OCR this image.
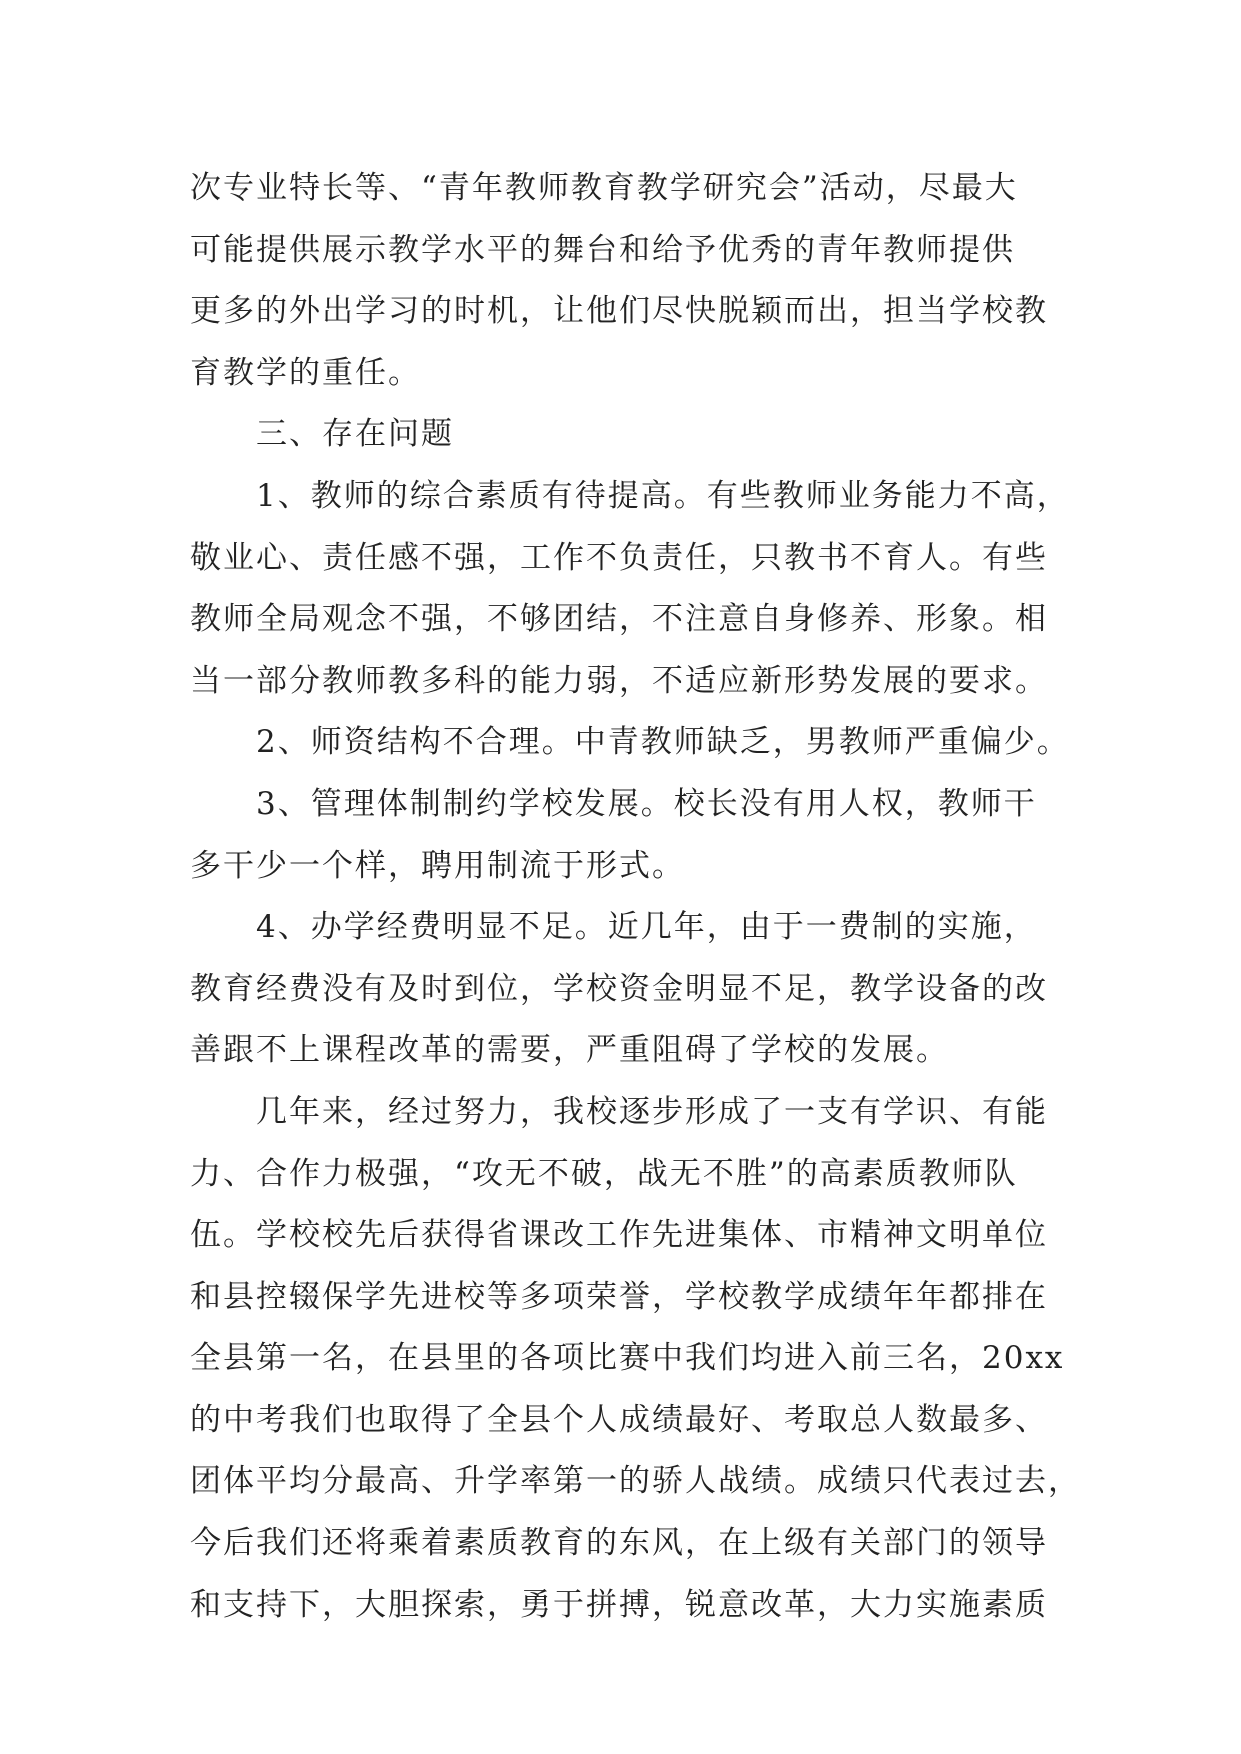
次专业特长等、“青年教师教育教学研究会”活动，尽最大
可能提供展示教学水平的舞台和给予优秀的青年教师提供
更多的外出学习的时机，让他们尽快脱颖而出，担当学校教
育教学的重任。
三、存在问题
1、教师的综合素质有待提高。有些教师业务能力不高，
敬业心、责任感不强，工作不负责任，只教书不育人。有些
教师全局观念不强，不够团结，不注意自身修养、形象。相
当一部分教师教多科的能力弱，不适应新形势发展的要求。
2、师资结构不合理。中青教师缺乏，男教师严重偏少。
3、管理体制制约学校发展。校长没有用人权，教师干
多干少一个样，聘用制流于形式。
4、办学经费明显不足。近几年，由于一费制的实施，
教育经费没有及时到位，学校资金明显不足，教学设备的改
善跟不上课程改革的需要，严重阻碍了学校的发展。
几年来，经过努力，我校逐步形成了一支有学识、有能
力、合作力极强，“攻无不破，战无不胜”的高素质教师队
伍。学校校先后获得省课改工作先进集体、市精神文明单位
和县控辍保学先进校等多项荣誉，学校教学成绩年年都排在
全县第一名，在县里的各项比赛中我们均进入前三名，20xx
的中考我们也取得了全县个人成绩最好、考取总人数最多、
团体平均分最高、升学率第一的骄人战绩。成绩只代表过去，
今后我们还将乘着素质教育的东风，在上级有关部门的领导
和支持下，大胆探索，勇于拼搏，锐意改革，大力实施素质
